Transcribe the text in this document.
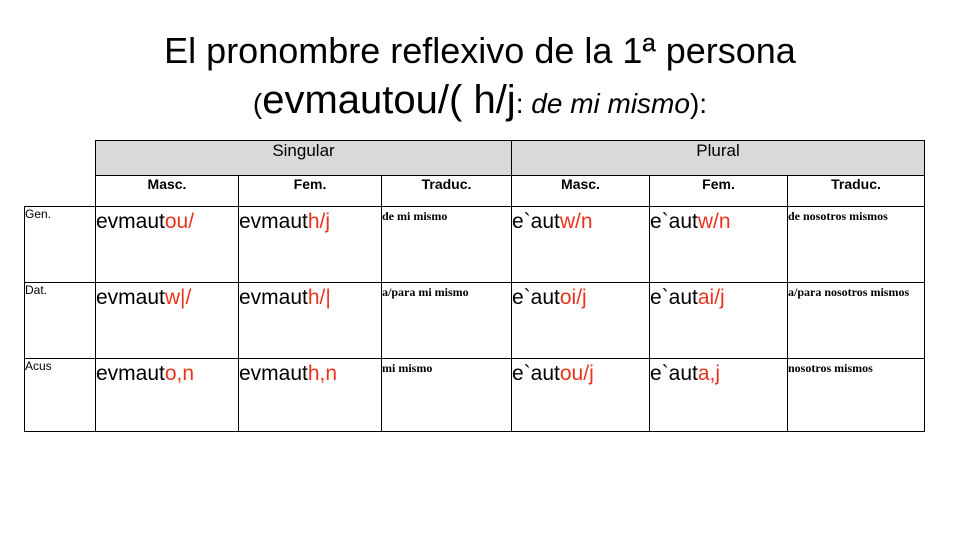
El pronombre reflexivo de la 1ª persona
(evmautou/( h/j: de mi mismo):
	Singular			Plural		
	Masc.	Fem.	Traduc.	Masc.	Fem.	Traduc.
Gen.	evmautou/	evmauth/j	de mi mismo	e`autw/n	e`autw/n	de nosotros mismos
Dat.	evmautw|/	evmauth/|	a/para mi mismo	e`autoi/j	e`autai/j	a/para nosotros mismos
Acus	evmauto,n	evmauth,n	mi mismo	e`autou/j	e`auta,j	nosotros mismos
